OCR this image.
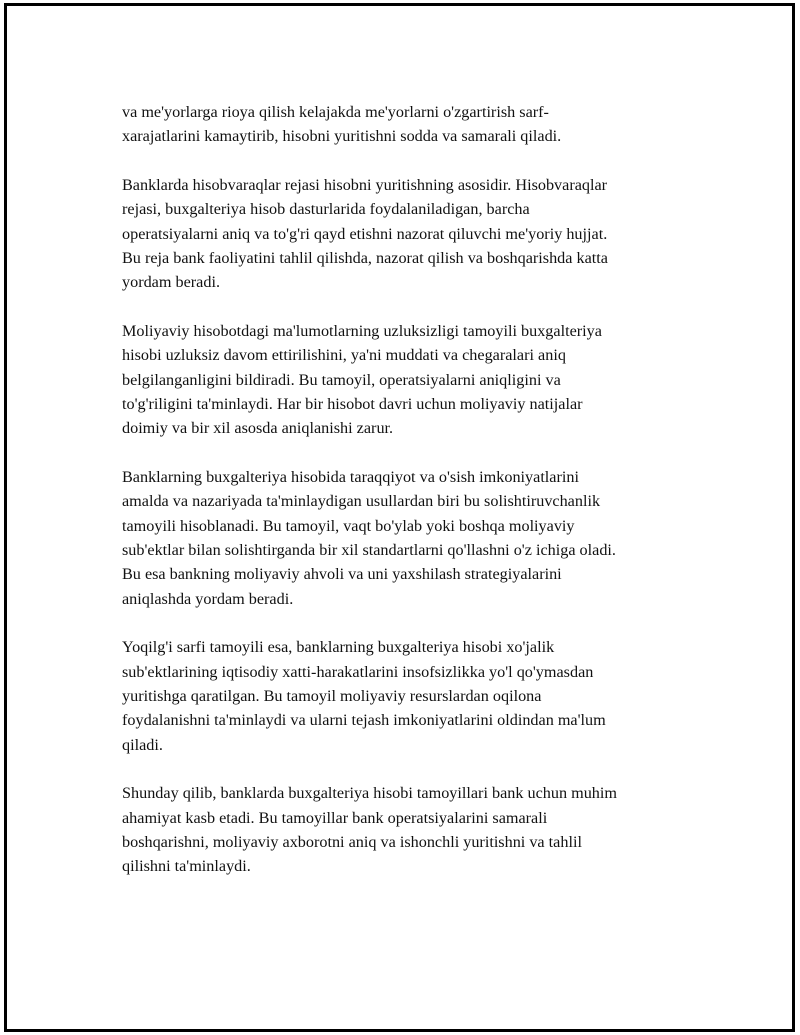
va me'yorlarga rioya qilish kelajakda me'yorlarni o'zgartirish sarf-
xarajatlarini kamaytirib, hisobni yuritishni sodda va samarali qiladi.

Banklarda hisobvaraqlar rejasi hisobni yuritishning asosidir. Hisobvaraqlar
rejasi, buxgalteriya hisob dasturlarida foydalaniladigan, barcha
operatsiyalarni aniq va to'g'ri qayd etishni nazorat qiluvchi me'yoriy hujjat.
Bu reja bank faoliyatini tahlil qilishda, nazorat qilish va boshqarishda katta
yordam beradi.

Moliyaviy hisobotdagi ma'lumotlarning uzluksizligi tamoyili buxgalteriya
hisobi uzluksiz davom ettirilishini, ya'ni muddati va chegaralari aniq
belgilanganligini bildiradi. Bu tamoyil, operatsiyalarni aniqligini va
to'g'riligini ta'minlaydi. Har bir hisobot davri uchun moliyaviy natijalar
doimiy va bir xil asosda aniqlanishi zarur.

Banklarning buxgalteriya hisobida taraqqiyot va o'sish imkoniyatlarini
amalda va nazariyada ta'minlaydigan usullardan biri bu solishtiruvchanlik
tamoyili hisoblanadi. Bu tamoyil, vaqt bo'ylab yoki boshqa moliyaviy
sub'ektlar bilan solishtirganda bir xil standartlarni qo'llashni o'z ichiga oladi.
Bu esa bankning moliyaviy ahvoli va uni yaxshilash strategiyalarini
aniqlashda yordam beradi.

Yoqilg'i sarfi tamoyili esa, banklarning buxgalteriya hisobi xo'jalik
sub'ektlarining iqtisodiy xatti-harakatlarini insofsizlikka yo'l qo'ymasdan
yuritishga qaratilgan. Bu tamoyil moliyaviy resurslardan oqilona
foydalanishni ta'minlaydi va ularni tejash imkoniyatlarini oldindan ma'lum
qiladi.

Shunday qilib, banklarda buxgalteriya hisobi tamoyillari bank uchun muhim
ahamiyat kasb etadi. Bu tamoyillar bank operatsiyalarini samarali
boshqarishni, moliyaviy axborotni aniq va ishonchli yuritishni va tahlil
qilishni ta'minlaydi.
